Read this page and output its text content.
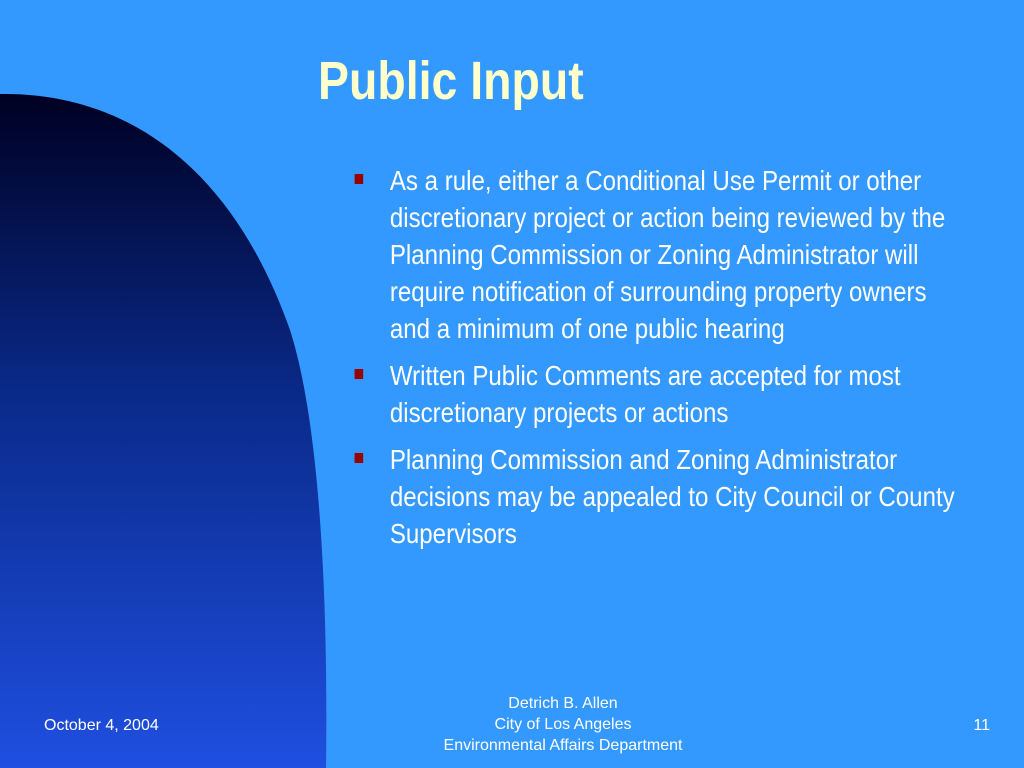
Public Input
As a rule, either a Conditional Use Permit or other discretionary project or action being reviewed by the Planning Commission or Zoning Administrator will require notification of surrounding property owners and a minimum of one public hearing
Written Public Comments are accepted for most discretionary projects or actions
Planning Commission and Zoning Administrator decisions may be appealed to City Council or County Supervisors
October 4, 2004
Detrich B. Allen
City of Los Angeles
Environmental Affairs Department
11
